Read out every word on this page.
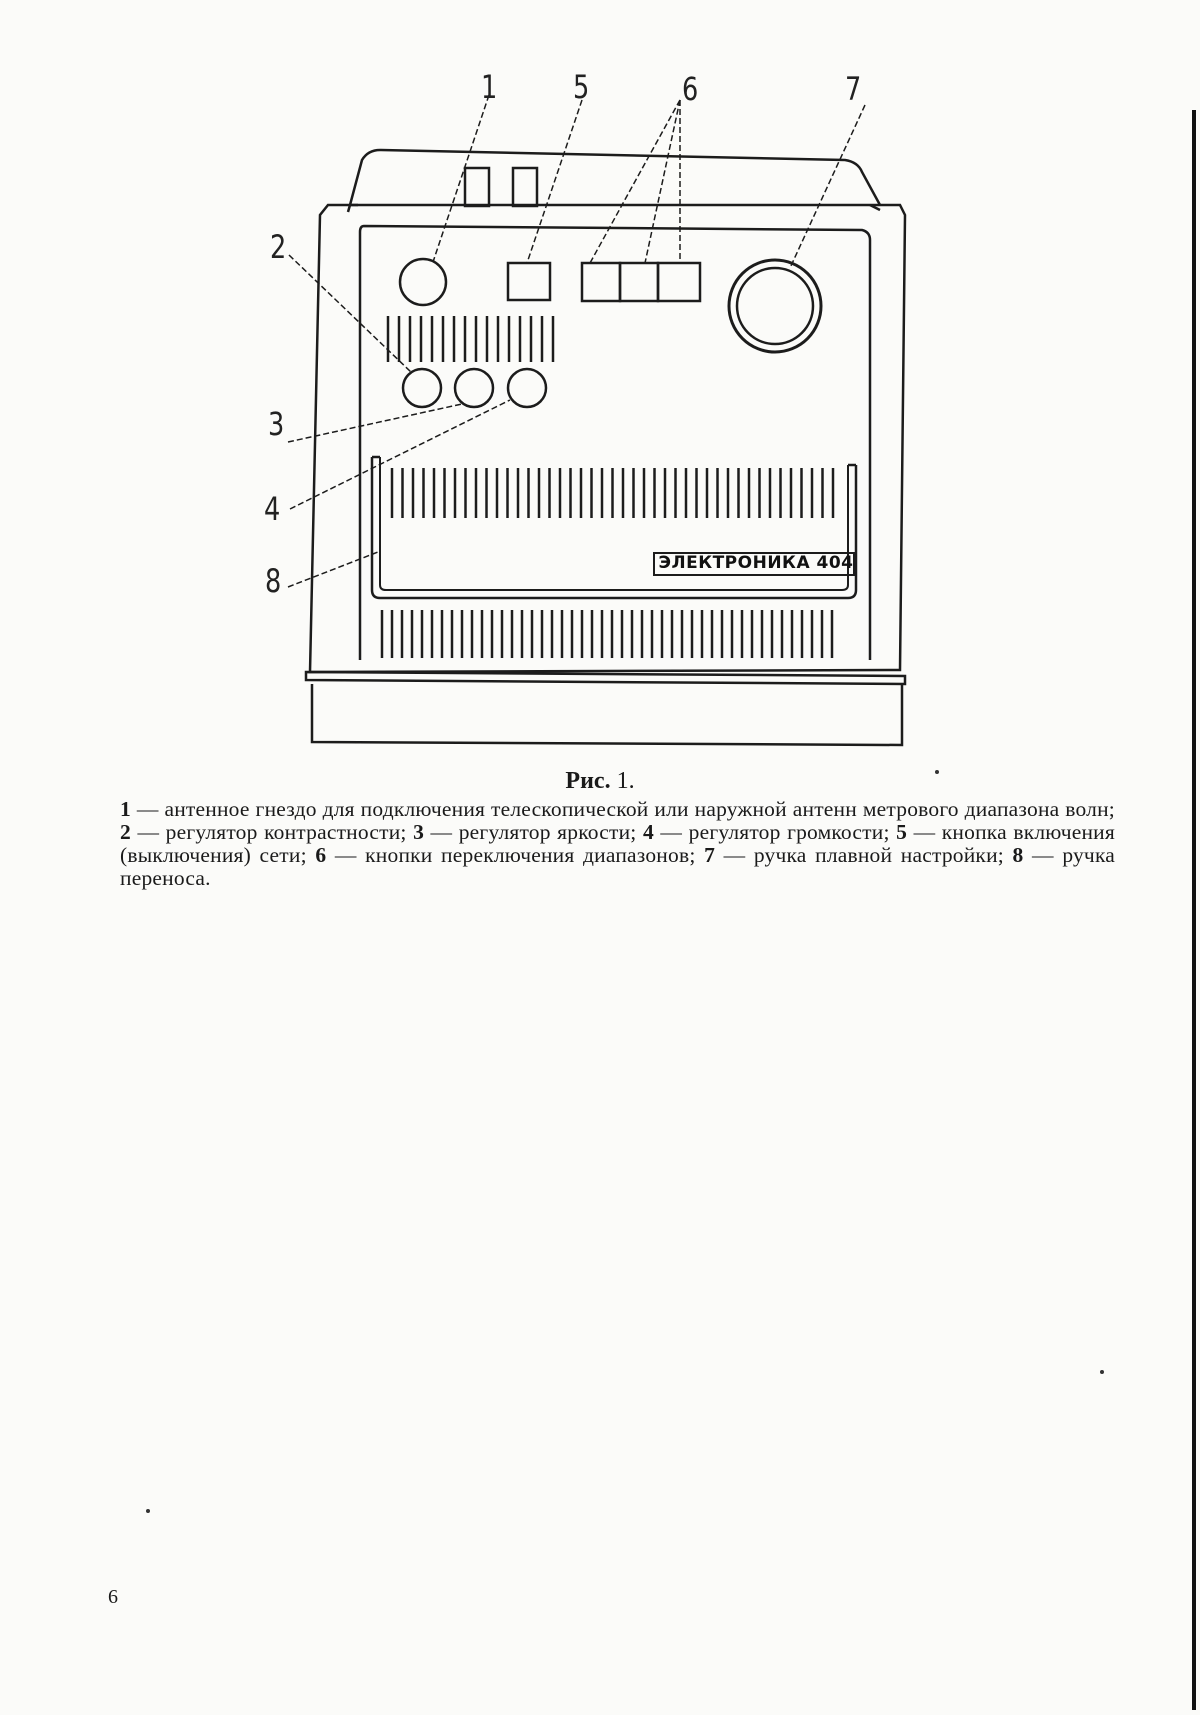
ЭЛЕКТРОНИКА 404
1 5	6	7
2
3
4
8
Рис. 1.
1 — антенное гнездо для подключения телескопической или наружной антенн метрового диапазона волн; 2 — регулятор контрастности; 3 — регулятор яркости; 4 — регулятор громкости; 5 — кнопка включения (выключения) сети; 6 — кнопки переключения диапазонов; 7 — ручка плавной настройки; 8 — ручка переноса.
6
